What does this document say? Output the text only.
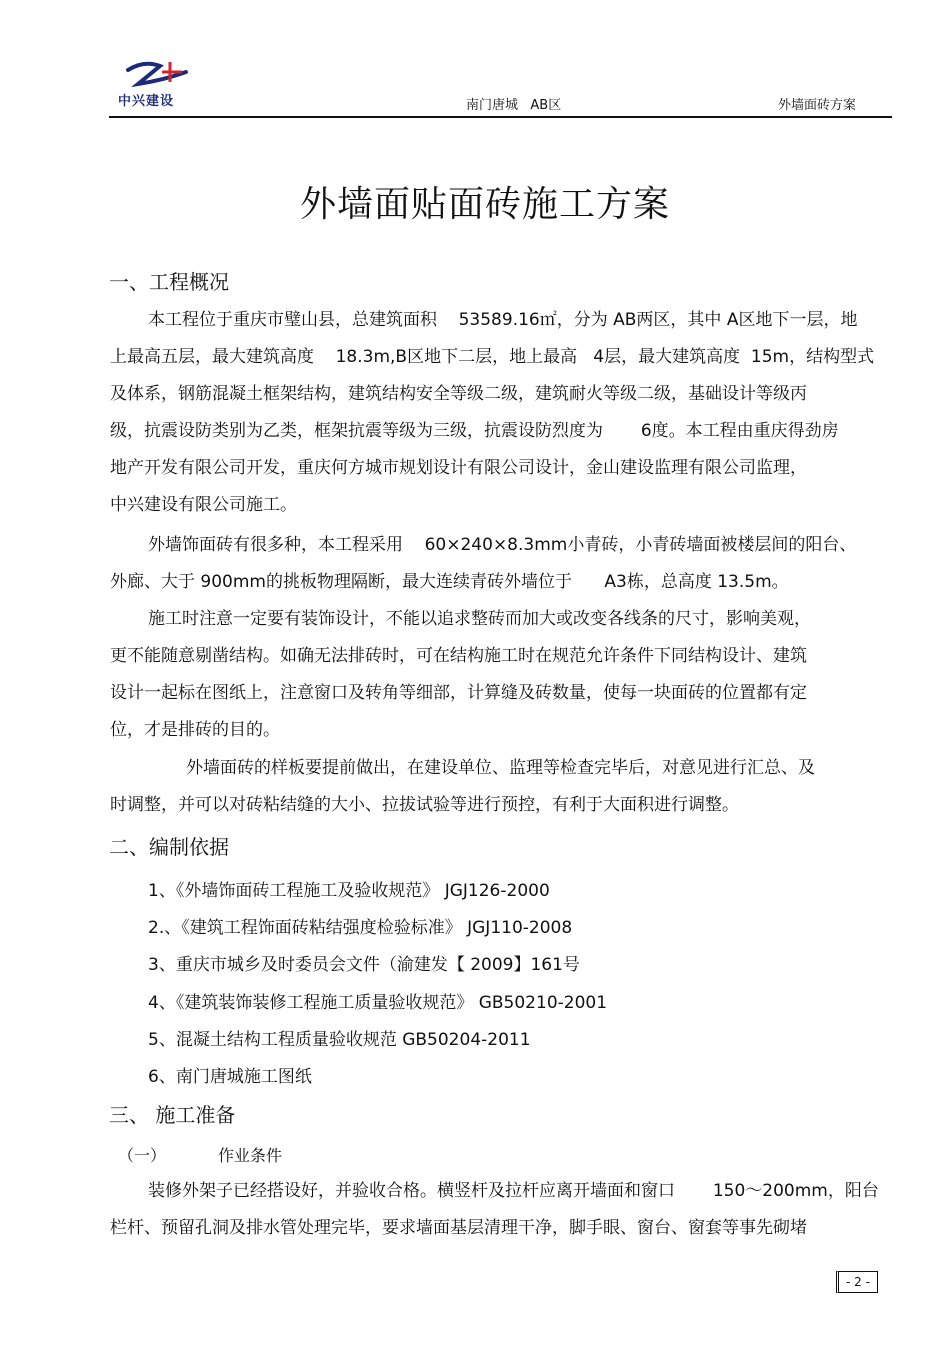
中兴建设	南门唐城   AB区	外墙面砖方案
外墙面贴面砖施工方案
一、工程概况
本工程位于重庆市璧山县，总建筑面积    53589.16㎡，分为 AB两区，其中 A区地下一层，地
上最高五层，最大建筑高度    18.3m,B区地下二层，地上最高   4层，最大建筑高度  15m，结构型式
及体系，钢筋混凝土框架结构，建筑结构安全等级二级，建筑耐火等级二级，基础设计等级丙
级，抗震设防类别为乙类，框架抗震等级为三级，抗震设防烈度为       6度。本工程由重庆得劲房
地产开发有限公司开发，重庆何方城市规划设计有限公司设计，金山建设监理有限公司监理，
中兴建设有限公司施工。
外墙饰面砖有很多种，本工程采用    60×240×8.3mm小青砖，小青砖墙面被楼层间的阳台、
外廊、大于 900mm的挑板物理隔断，最大连续青砖外墙位于      A3栋，总高度 13.5m。
施工时注意一定要有装饰设计，不能以追求整砖而加大或改变各线条的尺寸，影响美观，
更不能随意剔凿结构。如确无法排砖时，可在结构施工时在规范允许条件下同结构设计、建筑
设计一起标在图纸上，注意窗口及转角等细部，计算缝及砖数量，使每一块面砖的位置都有定
位，才是排砖的目的。
外墙面砖的样板要提前做出，在建设单位、监理等检查完毕后，对意见进行汇总、及
时调整，并可以对砖粘结缝的大小、拉拔试验等进行预控，有利于大面积进行调整。
二、编制依据
1、《外墙饰面砖工程施工及验收规范》 JGJ126-2000
2.、《建筑工程饰面砖粘结强度检验标准》 JGJ110-2008
3、重庆市城乡及时委员会文件（渝建发【 2009】161号
4、《建筑装饰装修工程施工质量验收规范》 GB50210-2001
5、混凝土结构工程质量验收规范 GB50204-2011
6、南门唐城施工图纸
三、 施工准备
（一）	作业条件
装修外架子已经搭设好，并验收合格。横竖杆及拉杆应离开墙面和窗口       150～200mm，阳台
栏杆、预留孔洞及排水管处理完毕，要求墙面基层清理干净，脚手眼、窗台、窗套等事先砌堵
- 2 -
